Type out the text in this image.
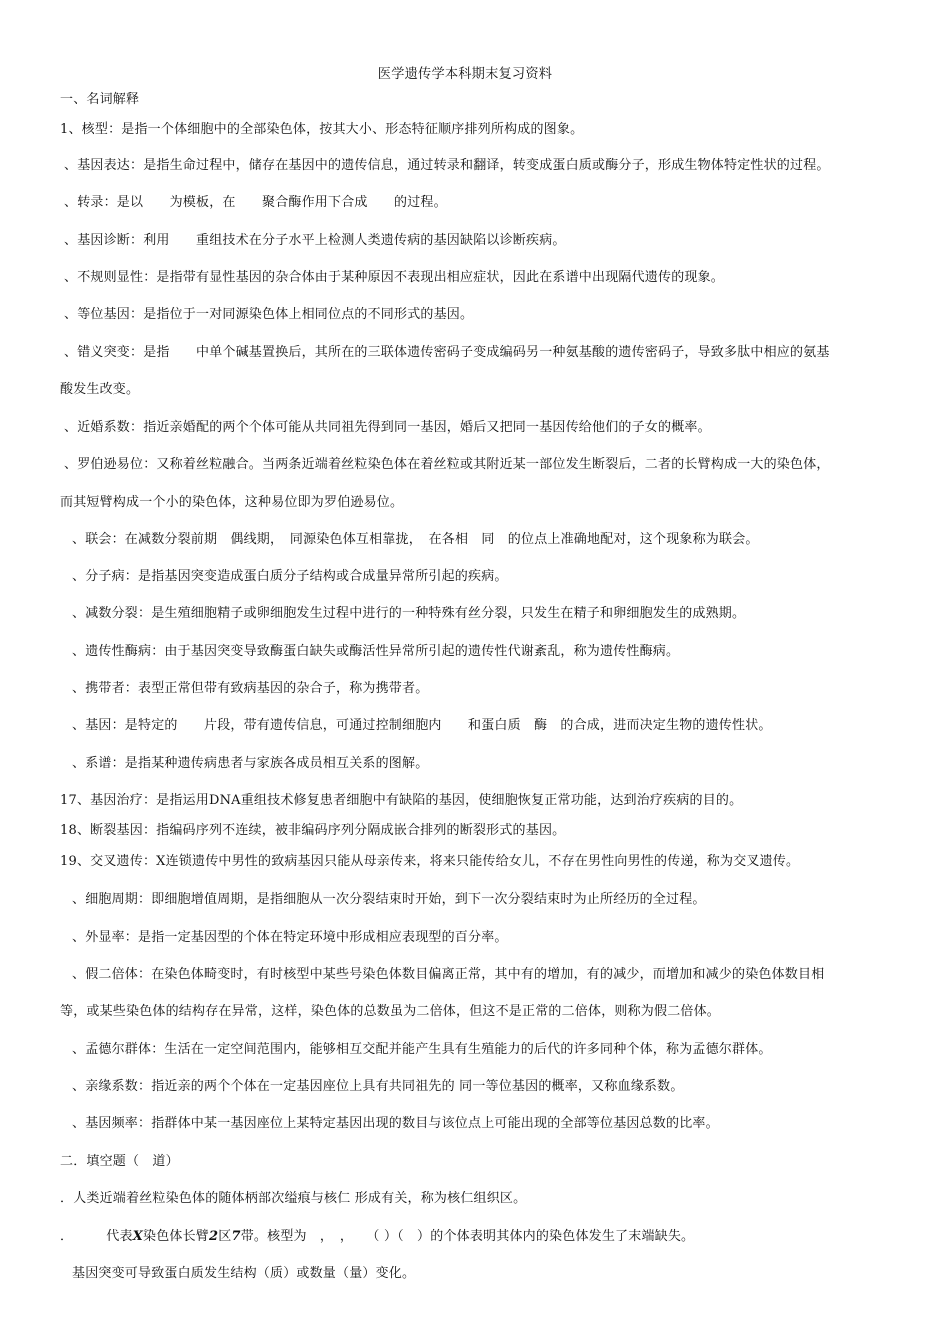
医学遗传学本科期末复习资料
一、名词解释
1、核型：是指一个体细胞中的全部染色体，按其大小、形态特征顺序排列所构成的图象。
、基因表达：是指生命过程中，储存在基因中的遗传信息，通过转录和翻译，转变成蛋白质或酶分子，形成生物体特定性状的过程。
、转录：是以　　为模板，在　　聚合酶作用下合成　　的过程。
、基因诊断：利用　　重组技术在分子水平上检测人类遗传病的基因缺陷以诊断疾病。
、不规则显性：是指带有显性基因的杂合体由于某种原因不表现出相应症状，因此在系谱中出现隔代遗传的现象。
、等位基因：是指位于一对同源染色体上相同位点的不同形式的基因。
、错义突变：是指　　中单个碱基置换后，其所在的三联体遗传密码子变成编码另一种氨基酸的遗传密码子，导致多肽中相应的氨基
酸发生改变。
、近婚系数：指近亲婚配的两个个体可能从共同祖先得到同一基因，婚后又把同一基因传给他们的子女的概率。
、罗伯逊易位：又称着丝粒融合。当两条近端着丝粒染色体在着丝粒或其附近某一部位发生断裂后，二者的长臂构成一大的染色体，
而其短臂构成一个小的染色体，这种易位即为罗伯逊易位。
、联会：在减数分裂前期　偶线期，　同源染色体互相靠拢，　在各相　同　的位点上准确地配对，这个现象称为联会。
、分子病：是指基因突变造成蛋白质分子结构或合成量异常所引起的疾病。
、减数分裂：是生殖细胞精子或卵细胞发生过程中进行的一种特殊有丝分裂，只发生在精子和卵细胞发生的成熟期。
、遗传性酶病：由于基因突变导致酶蛋白缺失或酶活性异常所引起的遗传性代谢紊乱，称为遗传性酶病。
、携带者：表型正常但带有致病基因的杂合子，称为携带者。
、基因：是特定的　　片段，带有遗传信息，可通过控制细胞内　　和蛋白质　酶　的合成，进而决定生物的遗传性状。
、系谱：是指某种遗传病患者与家族各成员相互关系的图解。
17、基因治疗：是指运用DNA重组技术修复患者细胞中有缺陷的基因，使细胞恢复正常功能，达到治疗疾病的目的。
18、断裂基因：指编码序列不连续，被非编码序列分隔成嵌合排列的断裂形式的基因。
19、交叉遗传：X连锁遗传中男性的致病基因只能从母亲传来，将来只能传给女儿，不存在男性向男性的传递，称为交叉遗传。
、细胞周期：即细胞增值周期，是指细胞从一次分裂结束时开始，到下一次分裂结束时为止所经历的全过程。
、外显率：是指一定基因型的个体在特定环境中形成相应表现型的百分率。
、假二倍体：在染色体畸变时，有时核型中某些号染色体数目偏离正常，其中有的增加，有的减少，而增加和减少的染色体数目相
等，或某些染色体的结构存在异常，这样，染色体的总数虽为二倍体，但这不是正常的二倍体，则称为假二倍体。
、孟德尔群体：生活在一定空间范围内，能够相互交配并能产生具有生殖能力的后代的许多同种个体，称为孟德尔群体。
、亲缘系数：指近亲的两个个体在一定基因座位上具有共同祖先的 同一等位基因的概率，又称血缘系数。
、基因频率：指群体中某一基因座位上某特定基因出现的数目与该位点上可能出现的全部等位基因总数的比率。
二．填空题（　道）
．人类近端着丝粒染色体的随体柄部次缢痕与核仁 形成有关，称为核仁组织区。
．　　　代表X染色体长臂2区7带。核型为　，　，　　（ ）（　）的个体表明其体内的染色体发生了末端缺失。
基因突变可导致蛋白质发生结构（质）或数量（量）变化。
